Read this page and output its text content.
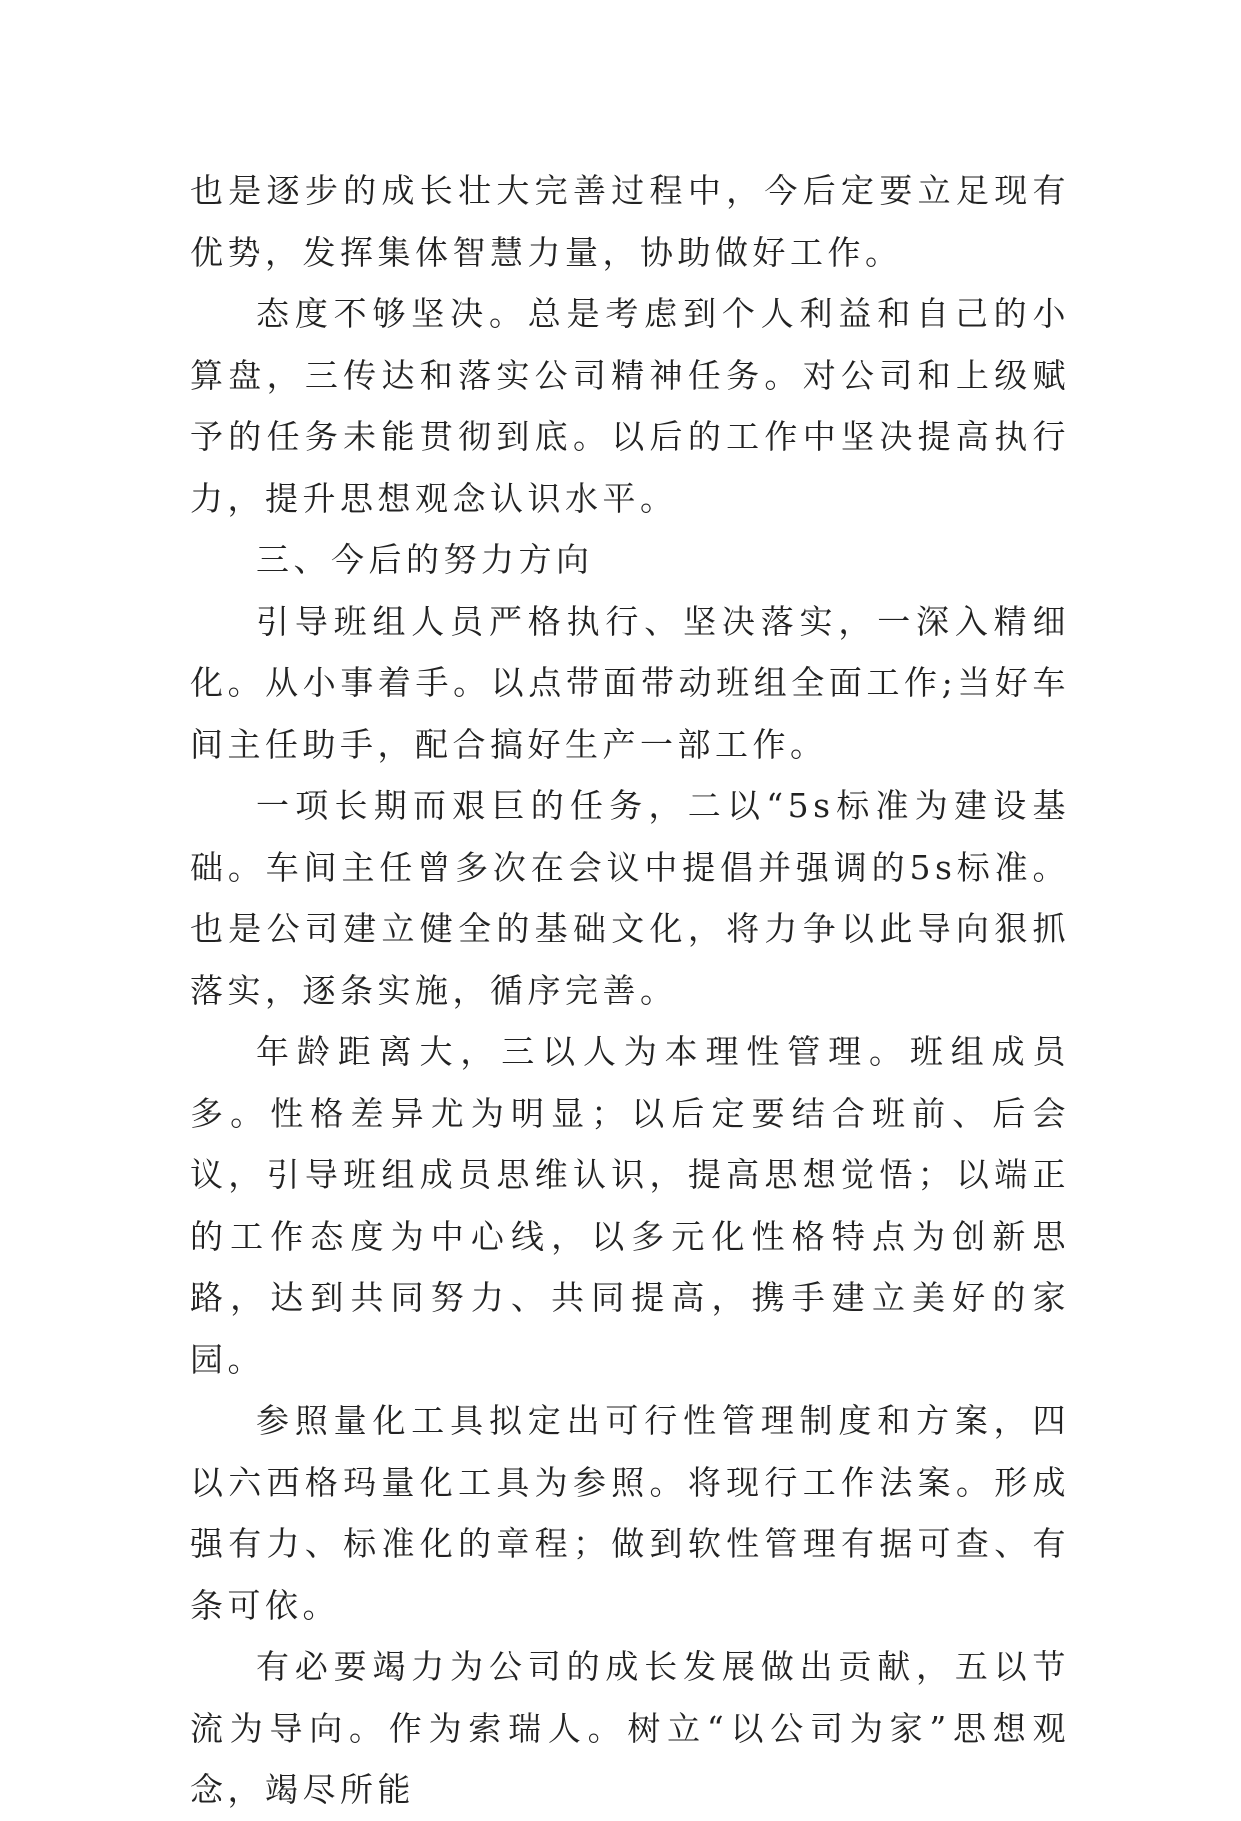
也是逐步的成长壮大完善过程中，今后定要立足现有优势，发挥集体智慧力量，协助做好工作。

态度不够坚决。总是考虑到个人利益和自己的小算盘，三传达和落实公司精神任务。对公司和上级赋予的任务未能贯彻到底。以后的工作中坚决提高执行力，提升思想观念认识水平。

三、今后的努力方向

引导班组人员严格执行、坚决落实，一深入精细化。从小事着手。以点带面带动班组全面工作;当好车间主任助手，配合搞好生产一部工作。

一项长期而艰巨的任务，二以“5s标准为建设基础。车间主任曾多次在会议中提倡并强调的5s标准。也是公司建立健全的基础文化，将力争以此导向狠抓落实，逐条实施，循序完善。

年龄距离大，三以人为本理性管理。班组成员多。性格差异尤为明显；以后定要结合班前、后会议，引导班组成员思维认识，提高思想觉悟；以端正的工作态度为中心线，以多元化性格特点为创新思路，达到共同努力、共同提高，携手建立美好的家园。

参照量化工具拟定出可行性管理制度和方案，四以六西格玛量化工具为参照。将现行工作法案。形成强有力、标准化的章程；做到软性管理有据可查、有条可依。

有必要竭力为公司的成长发展做出贡献，五以节流为导向。作为索瑞人。树立“以公司为家”思想观念，竭尽所能
